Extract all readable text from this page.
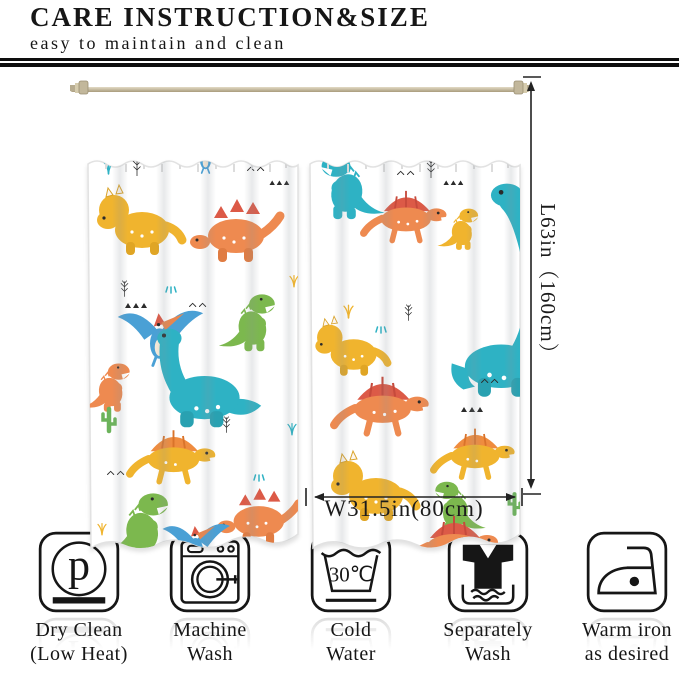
CARE INSTRUCTION&SIZE
easy to maintain and clean
L63in（160cm）
W31.5in(80cm)
Dry Clean
(Low Heat)
Machine
Wash
Cold
Water
Separately
Wash
Warm iron
as desired
